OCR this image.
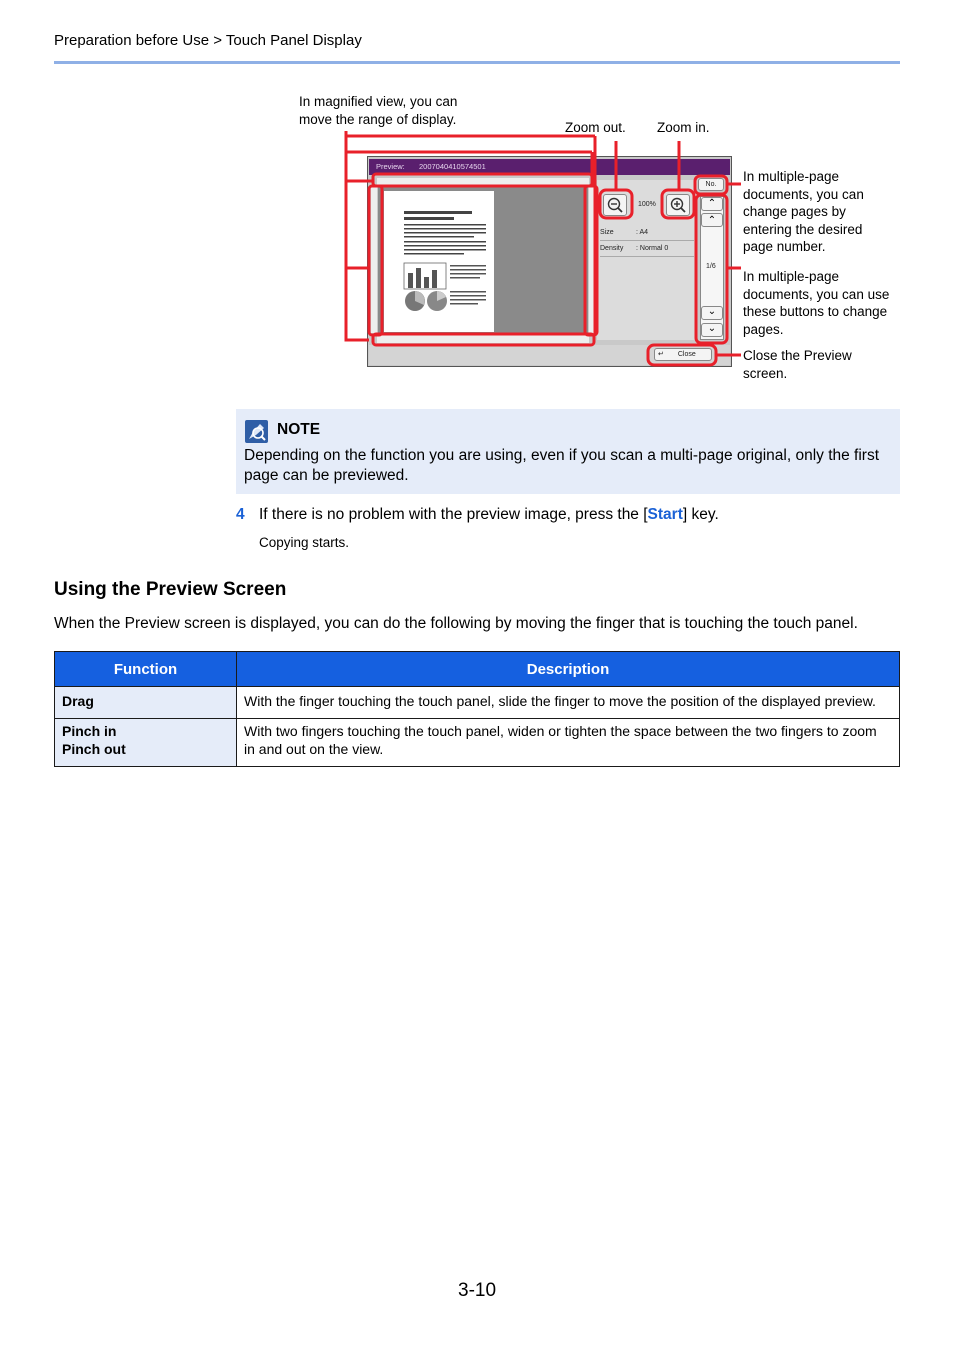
Preparation before Use > Touch Panel Display
In magnified view, you can move the range of display.
Zoom out. Zoom in.
In multiple-page documents, you can change pages by entering the desired page number.
In multiple-page documents, you can use these buttons to change pages.
Close the Preview screen.
Preview: 2007040410574501
100%
Size	: A4
Density : Normal 0
No.
⌃
⌃
1/6
⌄
⌄
↵ Close
NOTE
Depending on the function you are using, even if you scan a multi-page original, only the first page can be previewed.
4 If there is no problem with the preview image, press the [Start] key.
Copying starts.
Using the Preview Screen
When the Preview screen is displayed, you can do the following by moving the finger that is touching the touch panel.
Function	Description
Drag	With the finger touching the touch panel, slide the finger to move the position of the displayed preview.
Pinch in
Pinch out	With two fingers touching the touch panel, widen or tighten the space between the two fingers to zoom in and out on the view.
3-10
